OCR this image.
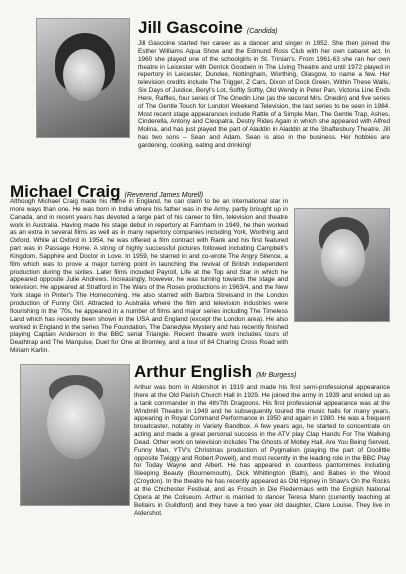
Jill Gascoine (Candida)

Jill Gascoine started her career as a dancer and singer in 1952. She then joined the Esther Williams Aqua Show and the Edmund Ross Club with her own cabaret act. In 1960 she played one of the schoolgirls in St. Trinian's. From 1961-63 she ran her own theatre in Leicester with Derrick Goodwin in The Living Theatre and until 1972 played in repertory in Leicester, Dundee, Nottingham, Worthing, Glasgow, to name a few. Her television credits include The Trigger, Z Cars, Dixon of Dock Green, Within These Walls, Six Days of Justice, Beryl's Lot, Softly Softly, Old Wendy in Peter Pan, Victoria Line Ends Here, Raffles, four series of The Onedin Line (as the second Mrs. Onedin) and five series of The Gentle Touch for London Weekend Television, the last series to be seen in 1984. Most recent stage appearances include Rattle of a Simple Man, The Gentle Trap, Ashes, Cinderella, Antony and Cleopatra, Destry Rides Again in which she appeared with Alfred Molina, and has just played the part of Aladdin in Aladdin at the Shaftesbury Theatre. Jill has two sons – Sean and Adam. Sean is also in the business. Her hobbies are gardening, cooking, eating and drinking!

Michael Craig (Reverend James Morell)

Although Michael Craig made his name in England, he can claim to be an international star in more ways than one. He was born in India where his father was in the Army, partly brought up in Canada, and in recent years has devoted a large part of his career to film, television and theatre work in Australia. Having made his stage debut in repertory at Farnham in 1949, he then worked as an extra in several films as well as in many repertory companies including York, Worthing and Oxford. While at Oxford in 1954, he was offered a film contract with Rank and his first featured part was in Passage Home. A string of highly successful pictures followed including Campbell's Kingdom, Sapphire and Doctor in Love. In 1959, he starred in and co-wrote The Angry Silence, a film which was to prove a major turning point in launching the revival of British independent production during the sixties. Later films included Payroll, Life at the Top and Star in which he appeared opposite Julie Andrews. Increasingly, however, he was turning towards the stage and television. He appeared at Stratford in The Wars of the Roses productions in 1963/4, and the New York stage in Pinter's The Homecoming. He also starred with Barbra Streisand in the London production of Funny Girl. Attracted to Australia where the film and television industries were flourishing in the '70s, he appeared in a number of films and major series including The Timeless Land which has recently been shown in the USA and England (except the London area). He also worked in England in the series The Foundation, The Danedyke Mystery and has recently finished playing Captain Anderson in the BBC serial Triangle. Recent theatre work includes tours of Deathtrap and The Marquise, Duet for One at Bromley, and a tour of 84 Charing Cross Road with Miriam Karlin.

Arthur English (Mr Burgess)

Arthur was born in Aldershot in 1919 and made his first semi-professional appearance there at the Old Parish Church Hall in 1929. He joined the army in 1939 and ended up as a tank commander in the 4th/7th Dragoons. His first professional appearance was at the Windmill Theatre in 1949 and he subsequently toured the music halls for many years, appearing in Royal Command Performance in 1950 and again in 1980. He was a frequent broadcaster, notably in Variety Bandbox. A few years ago, he started to concentrate on acting and made a great personal success in the ATV play Clap Hands For The Walking Dead. Other work on television includes The Ghosts of Motley Hall, Are You Being Served, Funny Man, YTV's Christmas production of Pygmalion (playing the part of Doolittle opposite Twiggy and Robert Powell), and most recently in the leading role in the BBC Play for Today Wayne and Albert. He has appeared in countless pantomimes including Sleeping Beauty (Bournemouth), Dick Whittington (Bath), and Babes in the Wood (Croydon). In the theatre he has recently appeared as Old Hipney in Shaw's On the Rocks at the Chichester Festival, and as Frosch in Die Fledermaus with the English National Opera at the Coliseum. Arthur is married to dancer Teresa Mann (currently teaching at Bellairs in Guildford) and they have a two year old daughter, Clare Louise. They live in Aldershot.
